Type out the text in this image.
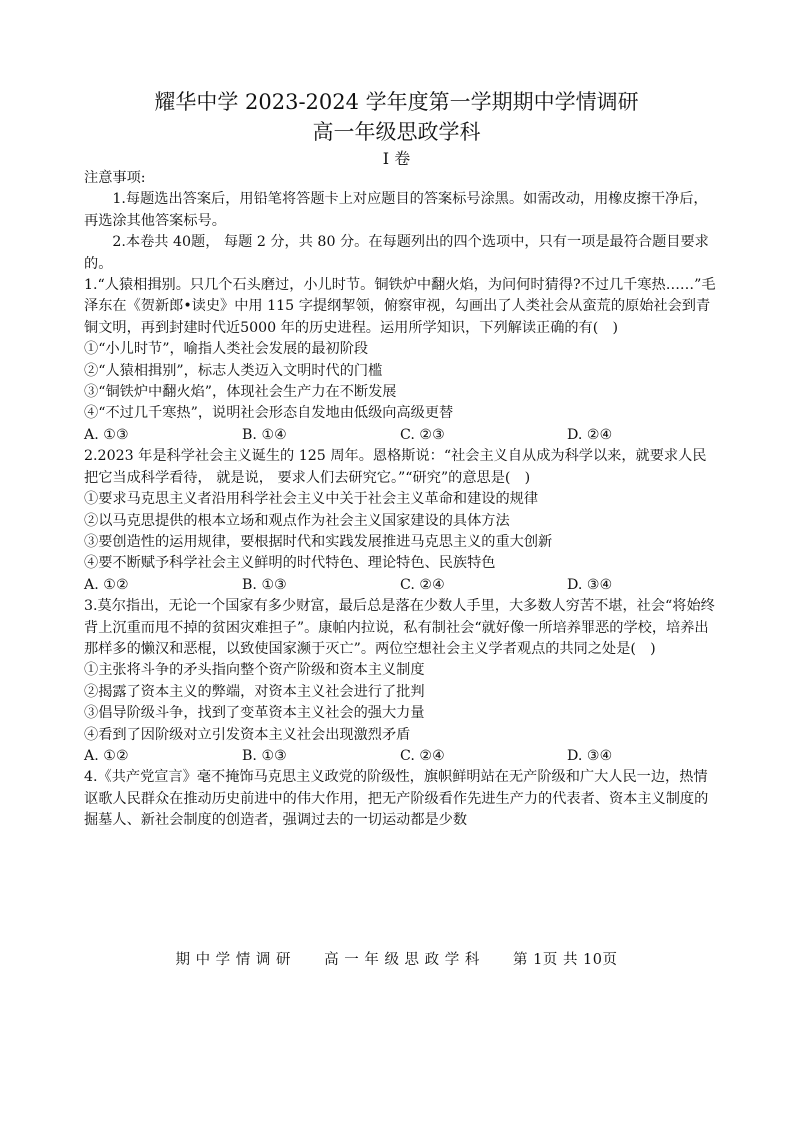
耀华中学 2023-2024 学年度第一学期期中学情调研
高一年级思政学科
Ⅰ 卷

注意事项:

1.每题选出答案后，用铅笔将答题卡上对应题目的答案标号涂黑。如需改动，用橡皮擦干净后，再选涂其他答案标号。

2.本卷共 40题， 每题 2 分，共 80 分。在每题列出的四个选项中，只有一项是最符合题目要求的。

1.“人猿相揖别。只几个石头磨过，小儿时节。铜铁炉中翻火焰，为问何时猜得?不过几千寒热……”毛泽东在《贺新郎•读史》中用 115 字提纲挈领，俯察审视，勾画出了人类社会从蛮荒的原始社会到青铜文明，再到封建时代近5000 年的历史进程。运用所学知识，下列解读正确的有(　)

①“小儿时节”，喻指人类社会发展的最初阶段

②“人猿相揖别”，标志人类迈入文明时代的门槛

③“铜铁炉中翻火焰”，体现社会生产力在不断发展

④“不过几千寒热”，说明社会形态自发地由低级向高级更替

A. ①③	B. ①④	C. ②③	D. ②④

2.2023 年是科学社会主义诞生的 125 周年。恩格斯说：“社会主义自从成为科学以来，就要求人民把它当成科学看待， 就是说， 要求人们去研究它。”“研究”的意思是(　)

①要求马克思主义者沿用科学社会主义中关于社会主义革命和建设的规律

②以马克思提供的根本立场和观点作为社会主义国家建设的具体方法

③要创造性的运用规律，要根据时代和实践发展推进马克思主义的重大创新

④要不断赋予科学社会主义鲜明的时代特色、理论特色、民族特色

A. ①②	B. ①③	C. ②④	D. ③④

3.莫尔指出，无论一个国家有多少财富，最后总是落在少数人手里，大多数人穷苦不堪，社会“将始终背上沉重而甩不掉的贫困灾难担子”。康帕内拉说，私有制社会“就好像一所培养罪恶的学校，培养出那样多的懒汉和恶棍，以致使国家濒于灭亡”。两位空想社会主义学者观点的共同之处是(　)

①主张将斗争的矛头指向整个资产阶级和资本主义制度

②揭露了资本主义的弊端，对资本主义社会进行了批判

③倡导阶级斗争，找到了变革资本主义社会的强大力量

④看到了因阶级对立引发资本主义社会出现激烈矛盾

A. ①②	B. ①③	C. ②④	D. ③④

4.《共产党宣言》毫不掩饰马克思主义政党的阶级性，旗帜鲜明站在无产阶级和广大人民一边，热情讴歌人民群众在推动历史前进中的伟大作用，把无产阶级看作先进生产力的代表者、资本主义制度的掘墓人、新社会制度的创造者，强调过去的一切运动都是少数

期 中 学 情 调 研 高 一 年 级 思 政 学 科 第 1页 共 10页
